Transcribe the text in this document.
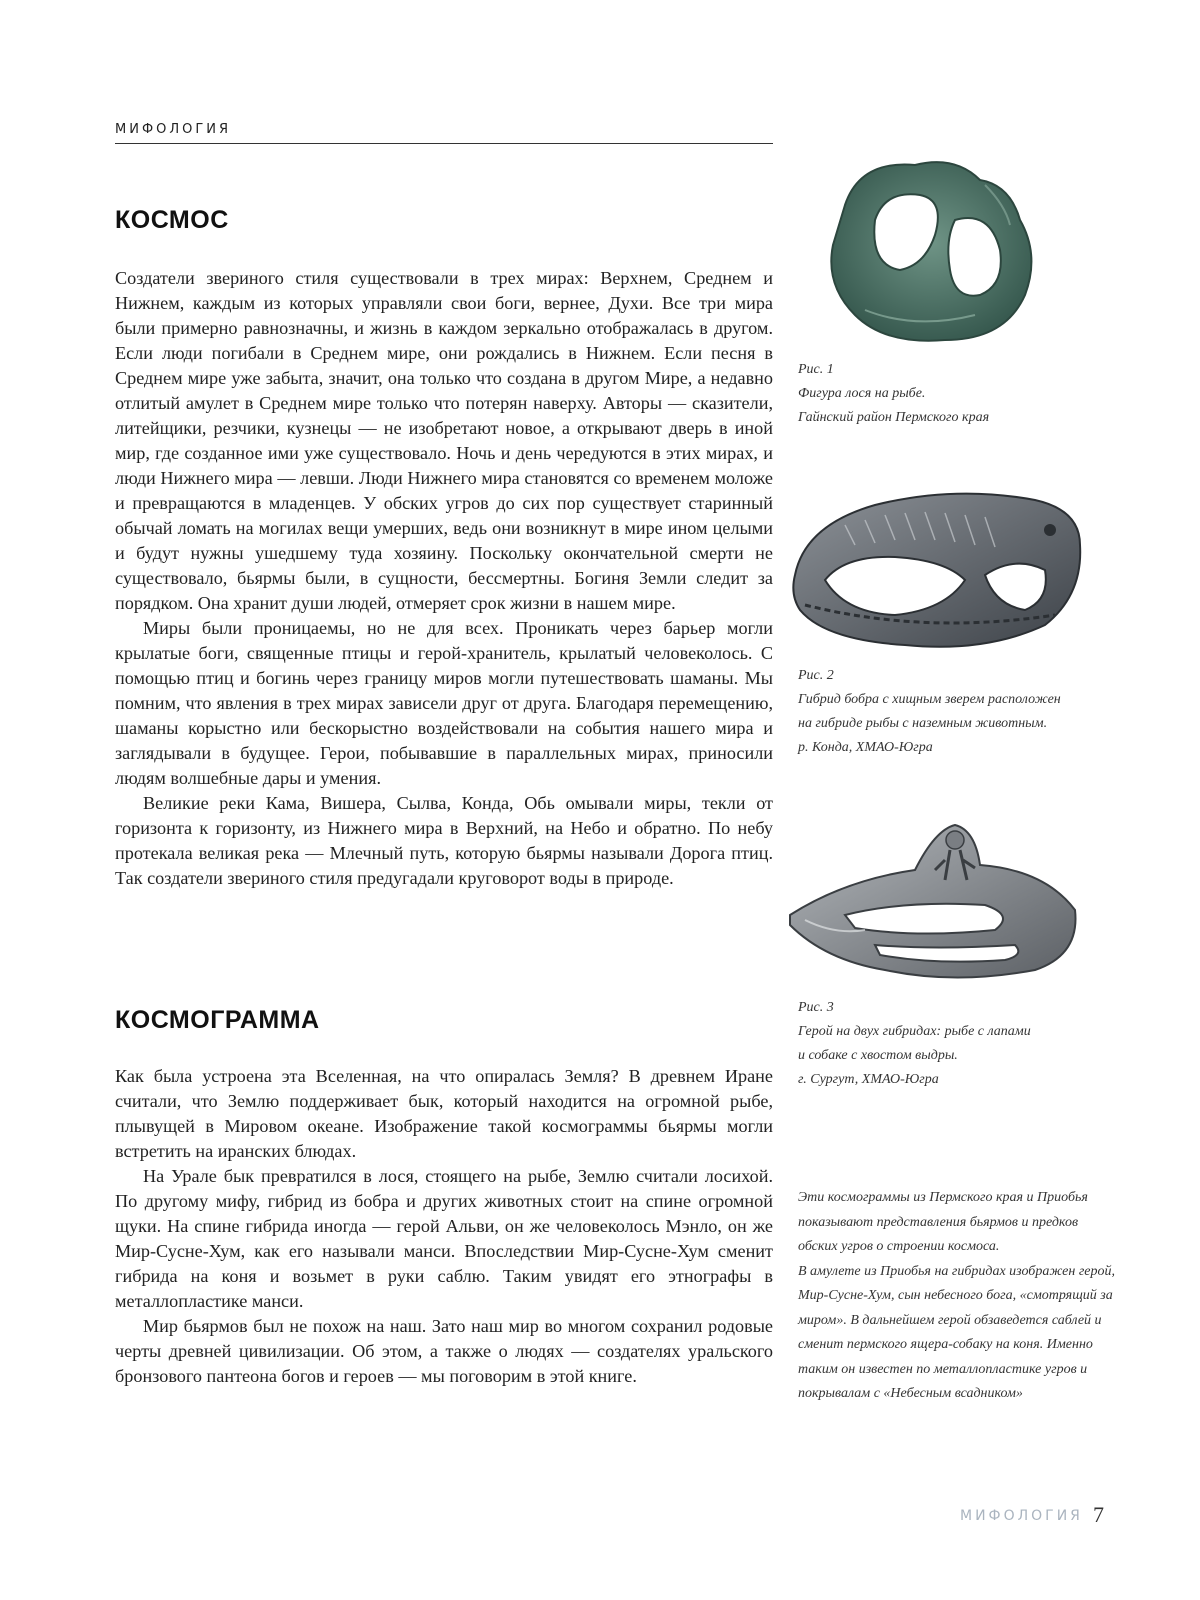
МИФОЛОГИЯ
КОСМОС

Создатели звериного стиля существовали в трех мирах: Верхнем, Среднем и Нижнем, каждым из которых управляли свои боги, вернее, Духи. Все три мира были примерно равнозначны, и жизнь в каждом зеркально отображалась в другом. Если люди погибали в Среднем мире, они рождались в Нижнем. Если песня в Среднем мире уже забыта, значит, она только что создана в другом Мире, а недавно отлитый амулет в Среднем мире только что потерян наверху. Авторы — сказители, литейщики, резчики, кузнецы — не изобретают новое, а открывают дверь в иной мир, где созданное ими уже существовало. Ночь и день чередуются в этих мирах, и люди Нижнего мира — левши. Люди Нижнего мира становятся со временем моложе и превращаются в младенцев. У обских угров до сих пор существует старинный обычай ломать на могилах вещи умерших, ведь они возникнут в мире ином целыми и будут нужны ушедшему туда хозяину. Поскольку окончательной смерти не существовало, бьярмы были, в сущности, бессмертны. Богиня Земли следит за порядком. Она хранит души людей, отмеряет срок жизни в нашем мире.

Миры были проницаемы, но не для всех. Проникать через барьер могли крылатые боги, священные птицы и герой-хранитель, крылатый человеколось. С помощью птиц и богинь через границу миров могли путешествовать шаманы. Мы помним, что явления в трех мирах зависели друг от друга. Благодаря перемещению, шаманы корыстно или бескорыстно воздействовали на события нашего мира и заглядывали в будущее. Герои, побывавшие в параллельных мирах, приносили людям волшебные дары и умения.

Великие реки Кама, Вишера, Сылва, Конда, Обь омывали миры, текли от горизонта к горизонту, из Нижнего мира в Верхний, на Небо и обратно. По небу протекала великая река — Млечный путь, которую бьярмы называли Дорога птиц. Так создатели звериного стиля предугадали круговорот воды в природе.

КОСМОГРАММА

Как была устроена эта Вселенная, на что опиралась Земля? В древнем Иране считали, что Землю поддерживает бык, который находится на огромной рыбе, плывущей в Мировом океане. Изображение такой космограммы бьярмы могли встретить на иранских блюдах.

На Урале бык превратился в лося, стоящего на рыбе, Землю считали лосихой. По другому мифу, гибрид из бобра и других животных стоит на спине огромной щуки. На спине гибрида иногда — герой Альви, он же человеколось Мэнло, он же Мир-Сусне-Хум, как его называли манси. Впоследствии Мир-Сусне-Хум сменит гибрида на коня и возьмет в руки саблю. Таким увидят его этнографы в металлопластике манси.

Мир бьярмов был не похож на наш. Зато наш мир во многом сохранил родовые черты древней цивилизации. Об этом, а также о людях — создателях уральского бронзового пантеона богов и героев — мы поговорим в этой книге.

Рис. 1
Фигура лося на рыбе.
Гайнский район Пермского края
Рис. 2
Гибрид бобра с хищным зверем расположен
на гибриде рыбы с наземным животным.
р. Конда, ХМАО-Югра
Рис. 3
Герой на двух гибридах: рыбе с лапами
и собаке с хвостом выдры.
г. Сургут, ХМАО-Югра

Эти космограммы из Пермского края и Приобья показывают представления бьярмов и предков обских угров о строении космоса.

В амулете из Приобья на гибридах изображен герой, Мир-Сусне-Хум, сын небесного бога, «смотрящий за миром». В дальнейшем герой обзаведется саблей и сменит пермского ящера-собаку на коня. Именно таким он известен по металлопластике угров и покрывалам с «Небесным всадником»

МИФОЛОГИЯ 7
